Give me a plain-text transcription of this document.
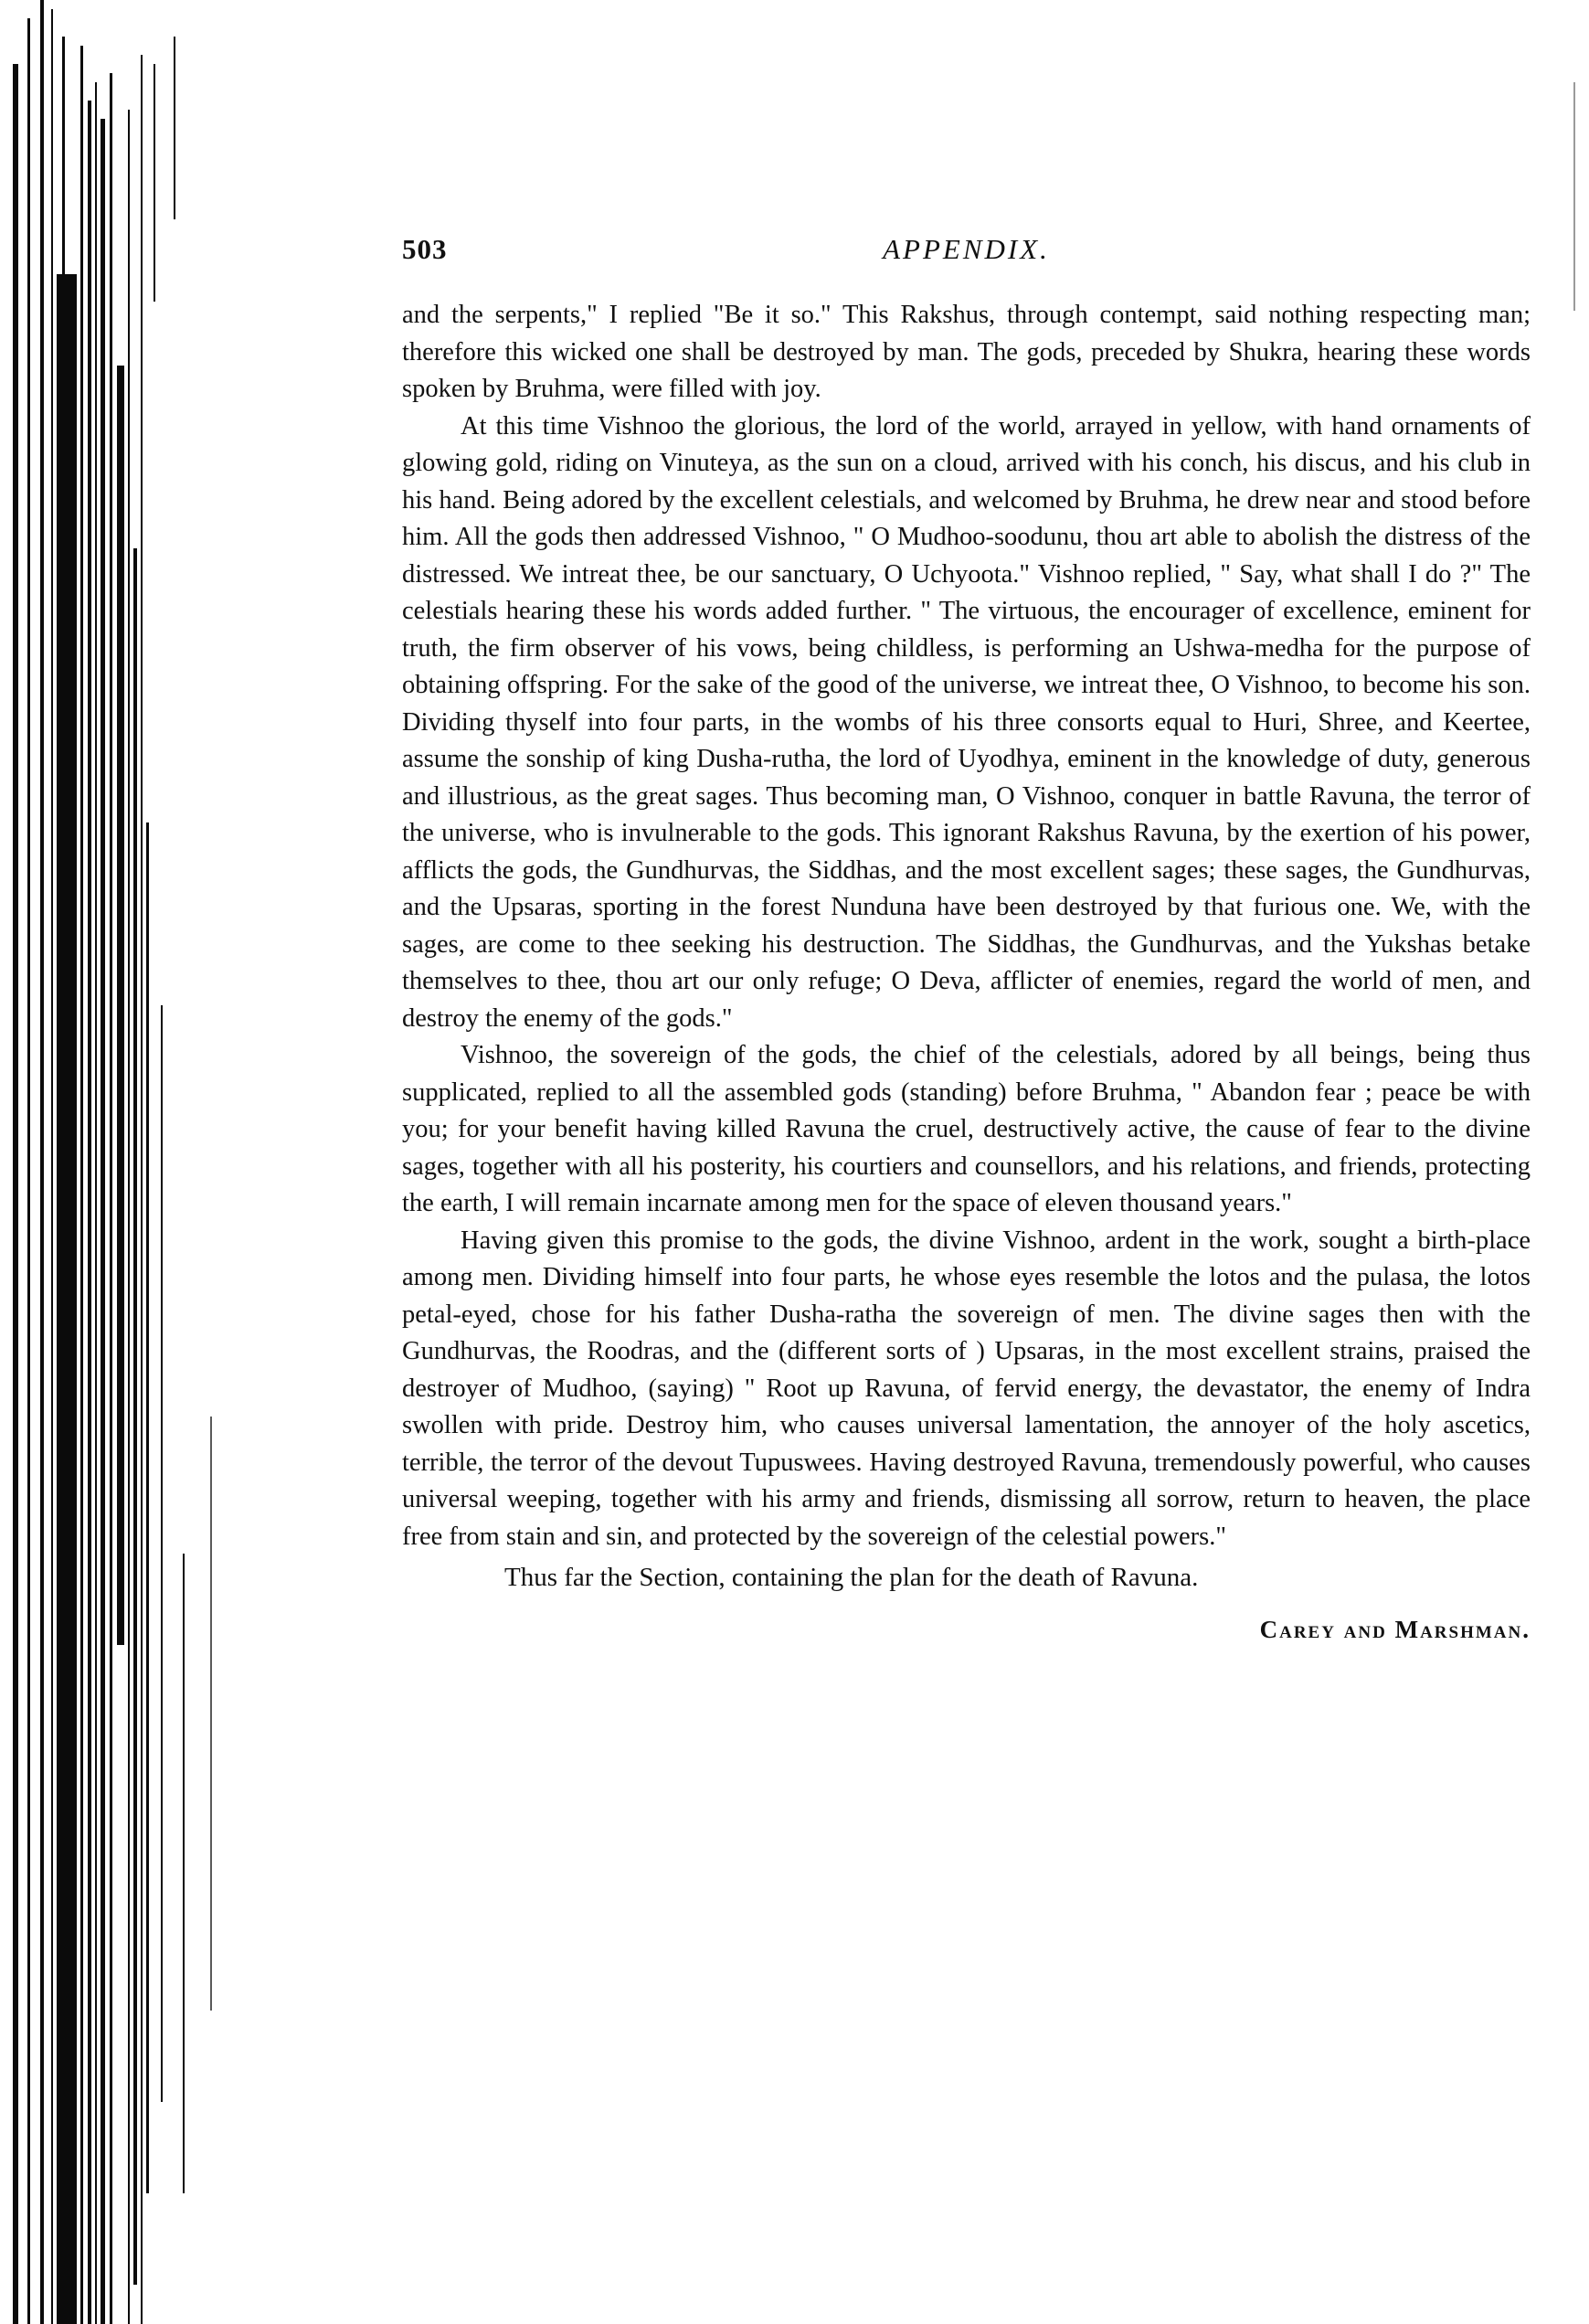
503	APPENDIX.

and the serpents," I replied "Be it so." This Rakshus, through contempt, said nothing respecting man; therefore this wicked one shall be destroyed by man. The gods, preceded by Shukra, hearing these words spoken by Bruhma, were filled with joy.

At this time Vishnoo the glorious, the lord of the world, arrayed in yellow, with hand ornaments of glowing gold, riding on Vinuteya, as the sun on a cloud, arrived with his conch, his discus, and his club in his hand. Being adored by the excellent celestials, and welcomed by Bruhma, he drew near and stood before him. All the gods then addressed Vishnoo, " O Mudhoo-soodunu, thou art able to abolish the distress of the distressed. We intreat thee, be our sanctuary, O Uchyoota." Vishnoo replied, " Say, what shall I do ?" The celestials hearing these his words added further. " The virtuous, the encourager of excellence, eminent for truth, the firm observer of his vows, being childless, is performing an Ushwa-medha for the purpose of obtaining offspring. For the sake of the good of the universe, we intreat thee, O Vishnoo, to become his son. Dividing thyself into four parts, in the wombs of his three consorts equal to Huri, Shree, and Keertee, assume the sonship of king Dusha-rutha, the lord of Uyodhya, eminent in the knowledge of duty, generous and illustrious, as the great sages. Thus becoming man, O Vishnoo, conquer in battle Ravuna, the terror of the universe, who is invulnerable to the gods. This ignorant Rakshus Ravuna, by the exertion of his power, afflicts the gods, the Gundhurvas, the Siddhas, and the most excellent sages; these sages, the Gundhurvas, and the Upsaras, sporting in the forest Nunduna have been destroyed by that furious one. We, with the sages, are come to thee seeking his destruction. The Siddhas, the Gundhurvas, and the Yukshas betake themselves to thee, thou art our only refuge; O Deva, afflicter of enemies, regard the world of men, and destroy the enemy of the gods."

Vishnoo, the sovereign of the gods, the chief of the celestials, adored by all beings, being thus supplicated, replied to all the assembled gods (standing) before Bruhma, " Abandon fear ; peace be with you; for your benefit having killed Ravuna the cruel, destructively active, the cause of fear to the divine sages, together with all his posterity, his courtiers and counsellors, and his relations, and friends, protecting the earth, I will remain incarnate among men for the space of eleven thousand years."

Having given this promise to the gods, the divine Vishnoo, ardent in the work, sought a birth-place among men. Dividing himself into four parts, he whose eyes resemble the lotos and the pulasa, the lotos petal-eyed, chose for his father Dusha-ratha the sovereign of men. The divine sages then with the Gundhurvas, the Roodras, and the (different sorts of ) Upsaras, in the most excellent strains, praised the destroyer of Mudhoo, (saying) " Root up Ravuna, of fervid energy, the devastator, the enemy of Indra swollen with pride. Destroy him, who causes universal lamentation, the annoyer of the holy ascetics, terrible, the terror of the devout Tupuswees. Having destroyed Ravuna, tremendously powerful, who causes universal weeping, together with his army and friends, dismissing all sorrow, return to heaven, the place free from stain and sin, and protected by the sovereign of the celestial powers."

Thus far the Section, containing the plan for the death of Ravuna.
Carey and Marshman.
